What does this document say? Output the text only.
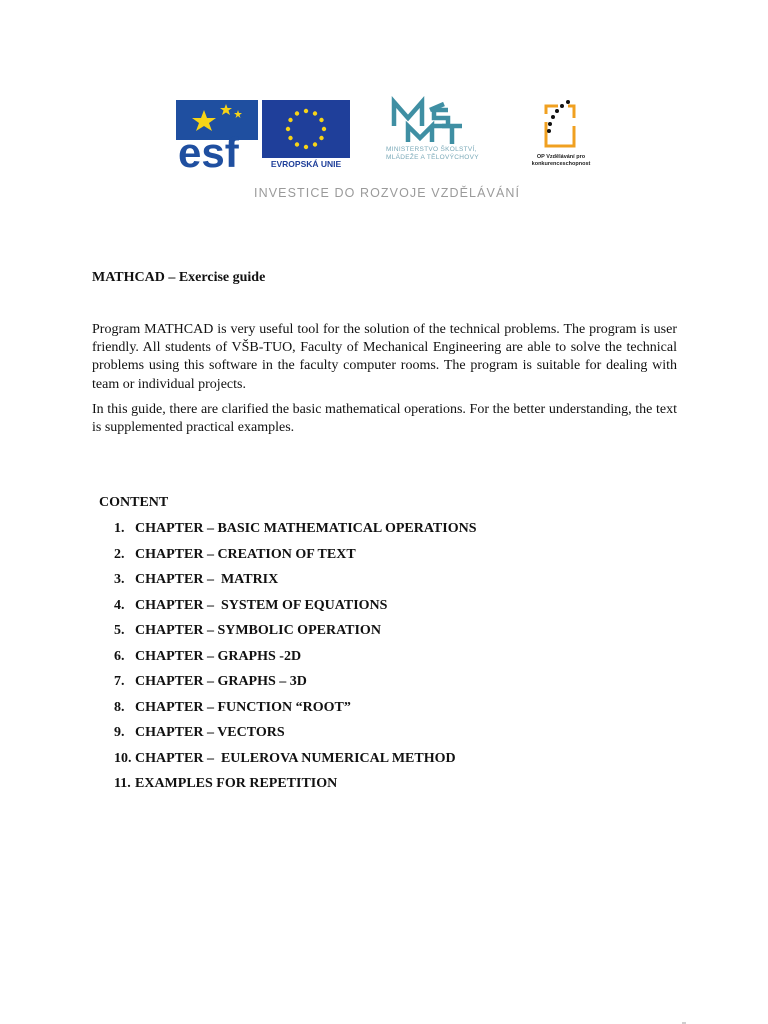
esf	EVROPSKÁ UNIE
MINISTERSTVO ŠKOLSTVÍ, MLÁDEŽE A TĚLOVÝCHOVY	OP Vzdělávání pro konkurenceschopnost
INVESTICE DO ROZVOJE VZDĚLÁVÁNÍ
MATHCAD – Exercise guide

Program MATHCAD is very useful tool for the solution of the technical problems. The program is user friendly. All students of VŠB-TUO, Faculty of Mechanical Engineering are able to solve the technical problems using this software in the faculty computer rooms. The program is suitable for dealing with team or individual projects.

In this guide, there are clarified the basic mathematical operations. For the better understanding, the text is supplemented practical examples.

CONTENT
1. CHAPTER – BASIC MATHEMATICAL OPERATIONS
2. CHAPTER – CREATION OF TEXT
3. CHAPTER –  MATRIX
4. CHAPTER –  SYSTEM OF EQUATIONS
5. CHAPTER – SYMBOLIC OPERATION
6. CHAPTER – GRAPHS -2D
7. CHAPTER – GRAPHS – 3D
8. CHAPTER – FUNCTION “ROOT”
9. CHAPTER – VECTORS
10. CHAPTER –  EULEROVA NUMERICAL METHOD
11. EXAMPLES FOR REPETITION
